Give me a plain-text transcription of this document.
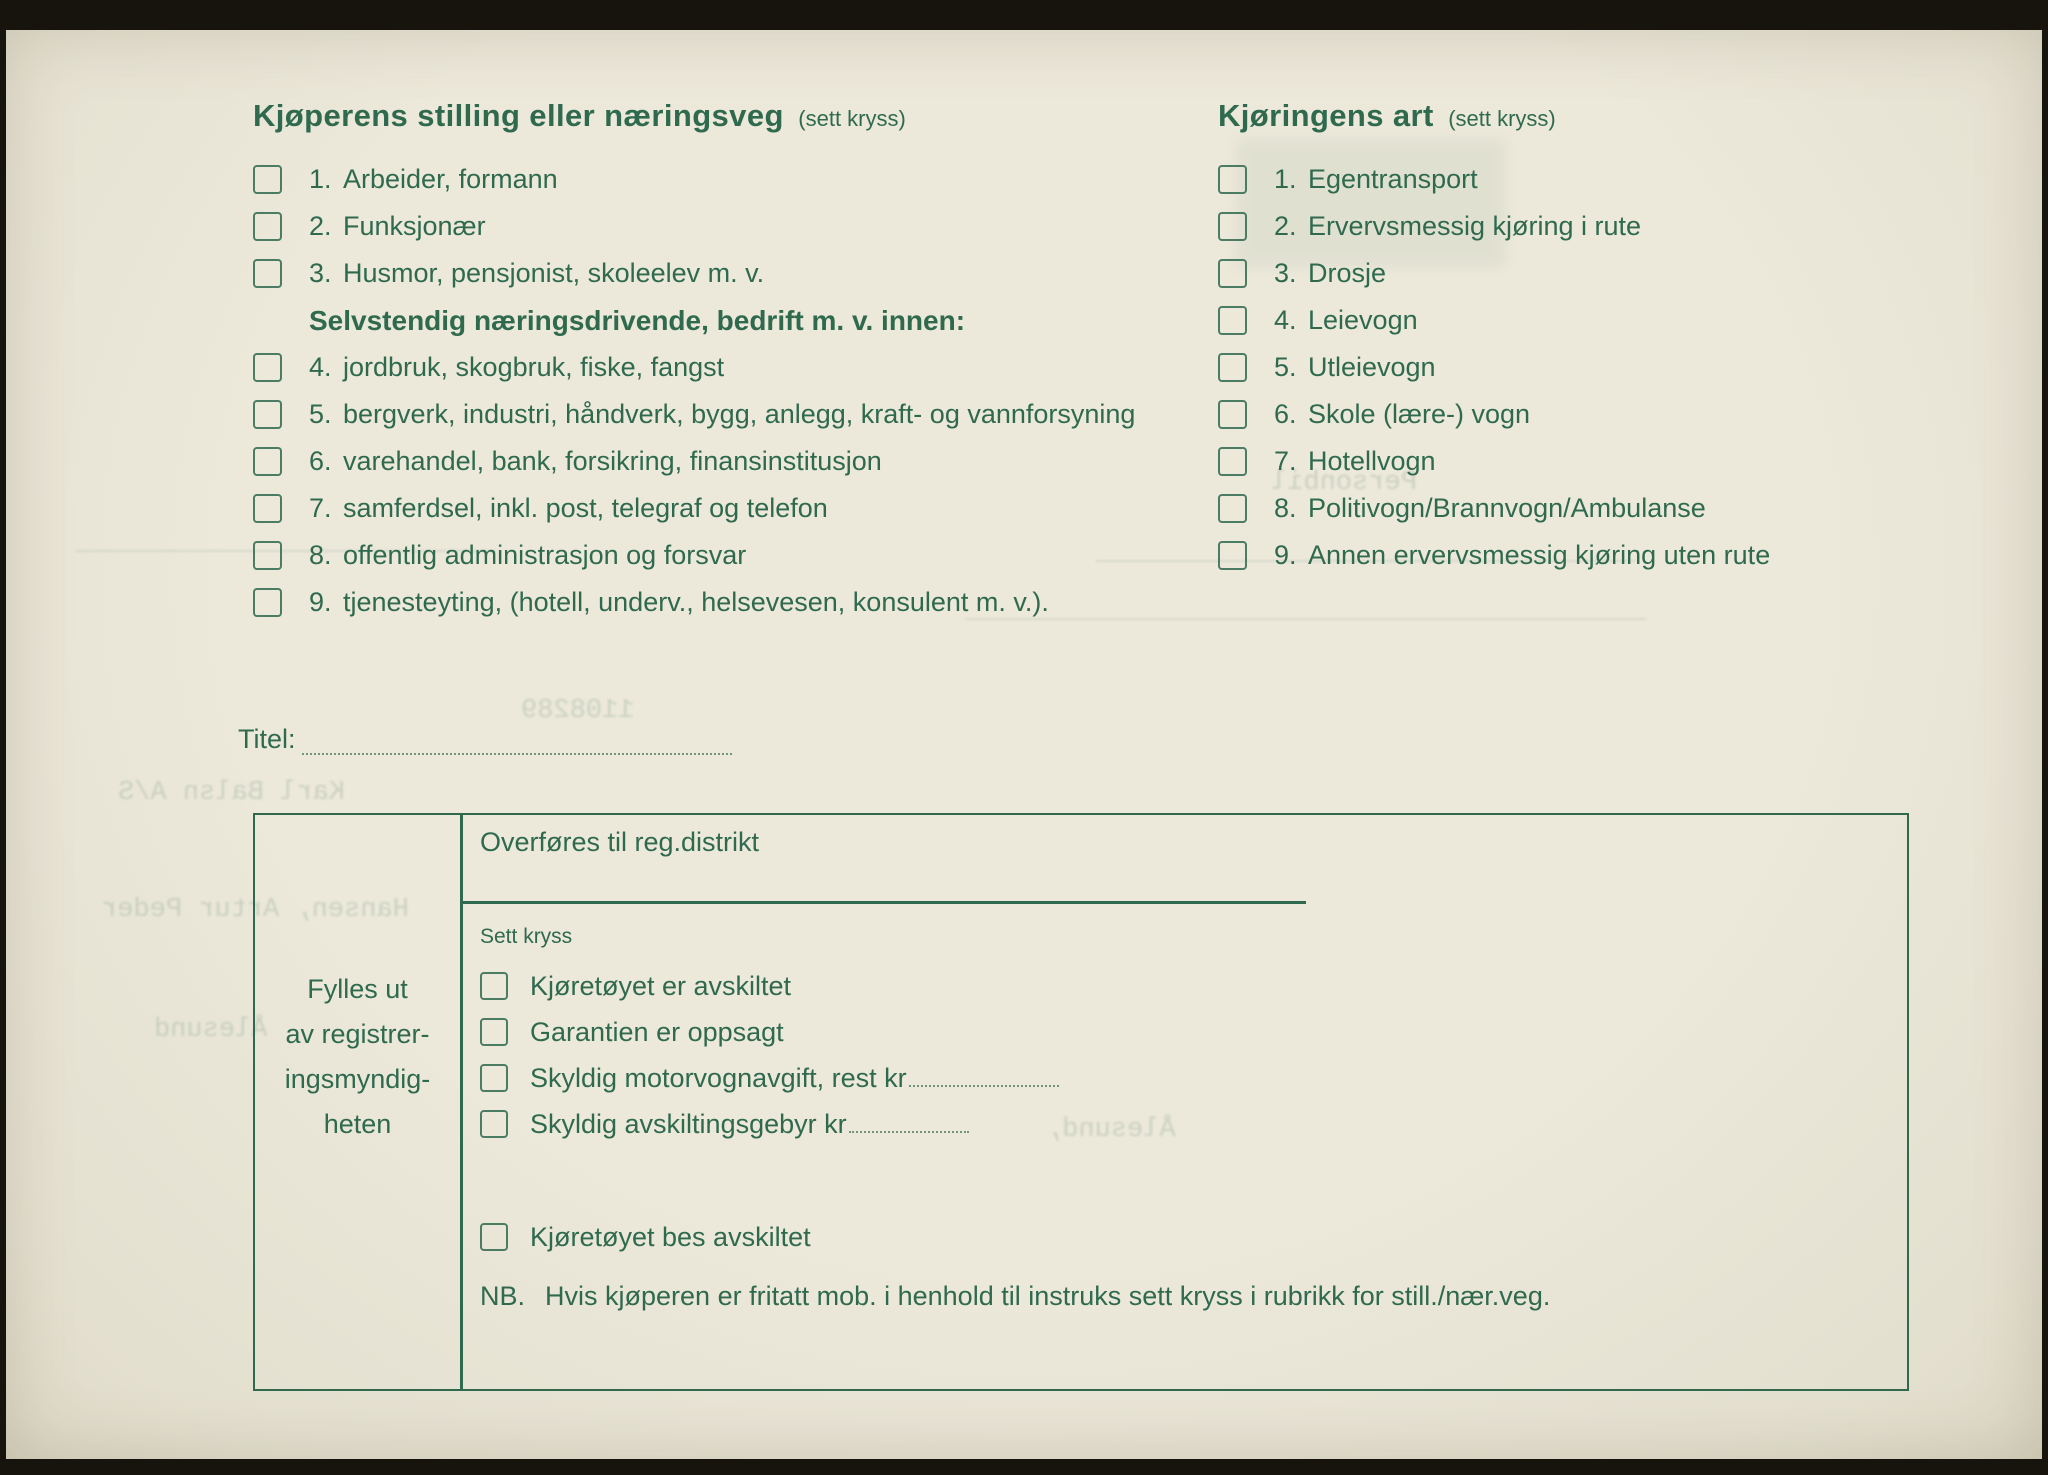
Personbil
1108289
Karl Balsn A/S
Hansen, Artur Peder
Ålesund
Ålesund,
Kjøperens stilling eller næringsveg (sett kryss)	Kjøringens art (sett kryss)
1. Arbeider, formann
2. Funksjonær
3. Husmor, pensjonist, skoleelev m. v.
Selvstendig næringsdrivende, bedrift m. v. innen:
4. jordbruk, skogbruk, fiske, fangst
5. bergverk, industri, håndverk, bygg, anlegg, kraft- og vannforsyning
6. varehandel, bank, forsikring, finansinstitusjon
7. samferdsel, inkl. post, telegraf og telefon
8. offentlig administrasjon og forsvar
9. tjenesteyting, (hotell, underv., helsevesen, konsulent m. v.).
1. Egentransport
2. Ervervsmessig kjøring i rute
3. Drosje
4. Leievogn
5. Utleievogn
6. Skole (lære-) vogn
7. Hotellvogn
8. Politivogn/Brannvogn/Ambulanse
9. Annen ervervsmessig kjøring uten rute
Titel:
Overføres til reg.distrikt
Sett kryss
Kjøretøyet er avskiltet
Garantien er oppsagt
Skyldig motorvognavgift, rest kr
Skyldig avskiltingsgebyr kr
Kjøretøyet bes avskiltet
Fylles ut
av registrer-
ingsmyndig-
heten
NB. Hvis kjøperen er fritatt mob. i henhold til instruks sett kryss i rubrikk for still./nær.veg.
